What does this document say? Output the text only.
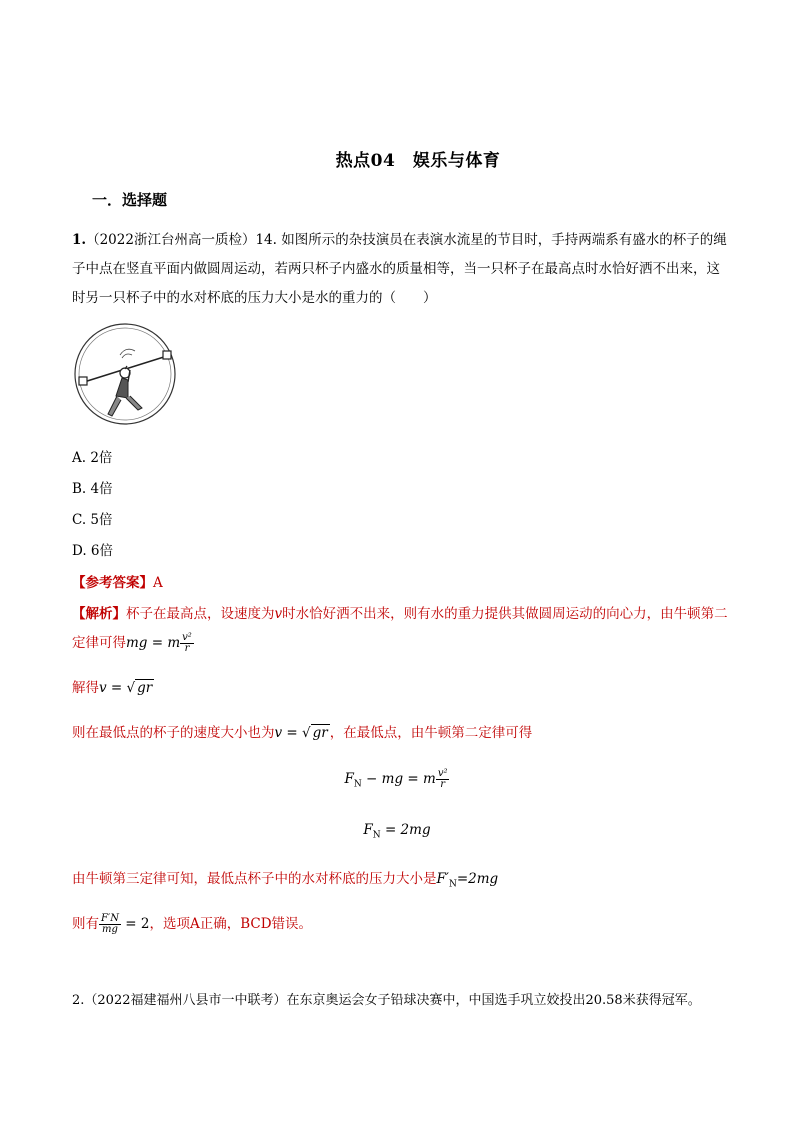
热点04　娱乐与体育
一．选择题
1.（2022浙江台州高一质检）14. 如图所示的杂技演员在表演水流星的节目时，手持两端系有盛水的杯子的绳子中点在竖直平面内做圆周运动，若两只杯子内盛水的质量相等，当一只杯子在最高点时水恰好洒不出来，这时另一只杯子中的水对杯底的压力大小是水的重力的（　　）
A. 2倍
B. 4倍
C. 5倍
D. 6倍
【参考答案】A
【解析】杯子在最高点，设速度为v时水恰好洒不出来，则有水的重力提供其做圆周运动的向心力，由牛顿第二定律可得mg = m $\frac{\text{v²}}{r}$
解得v = √ gr
则在最低点的杯子的速度大小也为v = √ gr ，在最低点，由牛顿第二定律可得
$F_N$ − mg = m $\frac{\text{v²}}{r}$
$F_N = 2mg$
由牛顿第三定律可知，最低点杯子中的水对杯底的压力大小是$F'_N=2mg$
则有 $\frac{F'N}{mg} = 2$，选项A正确，BCD错误。
2.（2022福建福州八县市一中联考）在东京奥运会女子铅球决赛中，中国选手巩立姣投出20.58米获得冠军。
